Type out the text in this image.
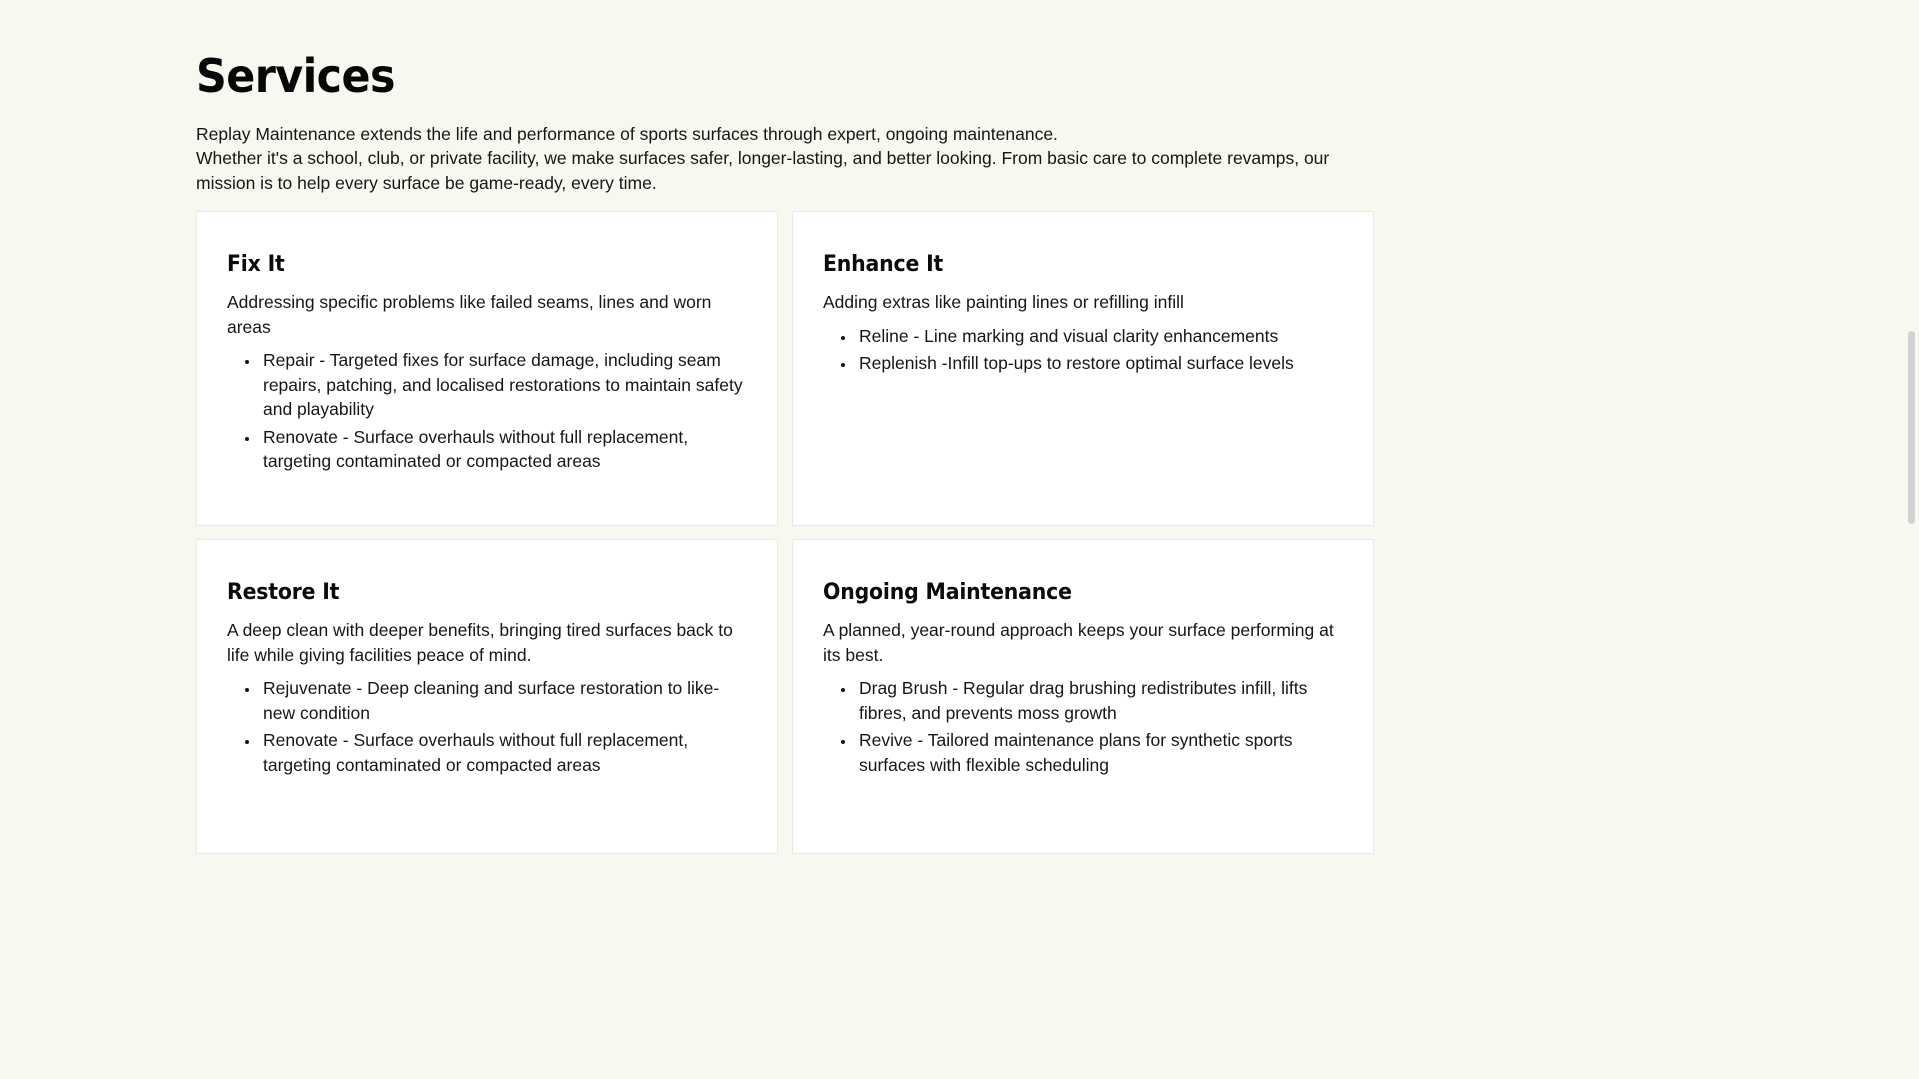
Services

Replay Maintenance extends the life and performance of sports surfaces through expert, ongoing maintenance.
Whether it's a school, club, or private facility, we make surfaces safer, longer-lasting, and better looking. From basic care to complete revamps, our mission is to help every surface be game-ready, every time.

Fix It

Addressing specific problems like failed seams, lines and worn areas

• Repair - Targeted fixes for surface damage, including seam repairs, patching, and localised restorations to maintain safety and playability
• Renovate - Surface overhauls without full replacement, targeting contaminated or compacted areas
Enhance It

Adding extras like painting lines or refilling infill

• Reline - Line marking and visual clarity enhancements
• Replenish -Infill top-ups to restore optimal surface levels
Restore It

A deep clean with deeper benefits, bringing tired surfaces back to life while giving facilities peace of mind.

• Rejuvenate - Deep cleaning and surface restoration to like-new condition
• Renovate - Surface overhauls without full replacement, targeting contaminated or compacted areas
Ongoing Maintenance

A planned, year-round approach keeps your surface performing at its best.

• Drag Brush - Regular drag brushing redistributes infill, lifts fibres, and prevents moss growth
• Revive - Tailored maintenance plans for synthetic sports surfaces with flexible scheduling
